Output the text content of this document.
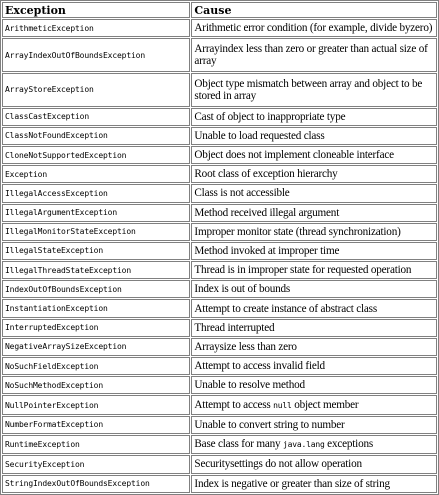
Exception	Cause
ArithmeticException	Arithmetic error condition (for example, divide byzero)
ArrayIndexOutOfBoundsException	Arrayindex less than zero or greater than actual size of array
ArrayStoreException	Object type mismatch between array and object to be stored in array
ClassCastException	Cast of object to inappropriate type
ClassNotFoundException	Unable to load requested class
CloneNotSupportedException	Object does not implement cloneable interface
Exception	Root class of exception hierarchy
IllegalAccessException	Class is not accessible
IllegalArgumentException	Method received illegal argument
IllegalMonitorStateException	Improper monitor state (thread synchronization)
IllegalStateException	Method invoked at improper time
IllegalThreadStateException	Thread is in improper state for requested operation
IndexOutOfBoundsException	Index is out of bounds
InstantiationException	Attempt to create instance of abstract class
InterruptedException	Thread interrupted
NegativeArraySizeException	Arraysize less than zero
NoSuchFieldException	Attempt to access invalid field
NoSuchMethodException	Unable to resolve method
NullPointerException	Attempt to access null object member
NumberFormatException	Unable to convert string to number
RuntimeException	Base class for many java.lang exceptions
SecurityException	Securitysettings do not allow operation
StringIndexOutOfBoundsException	Index is negative or greater than size of string
